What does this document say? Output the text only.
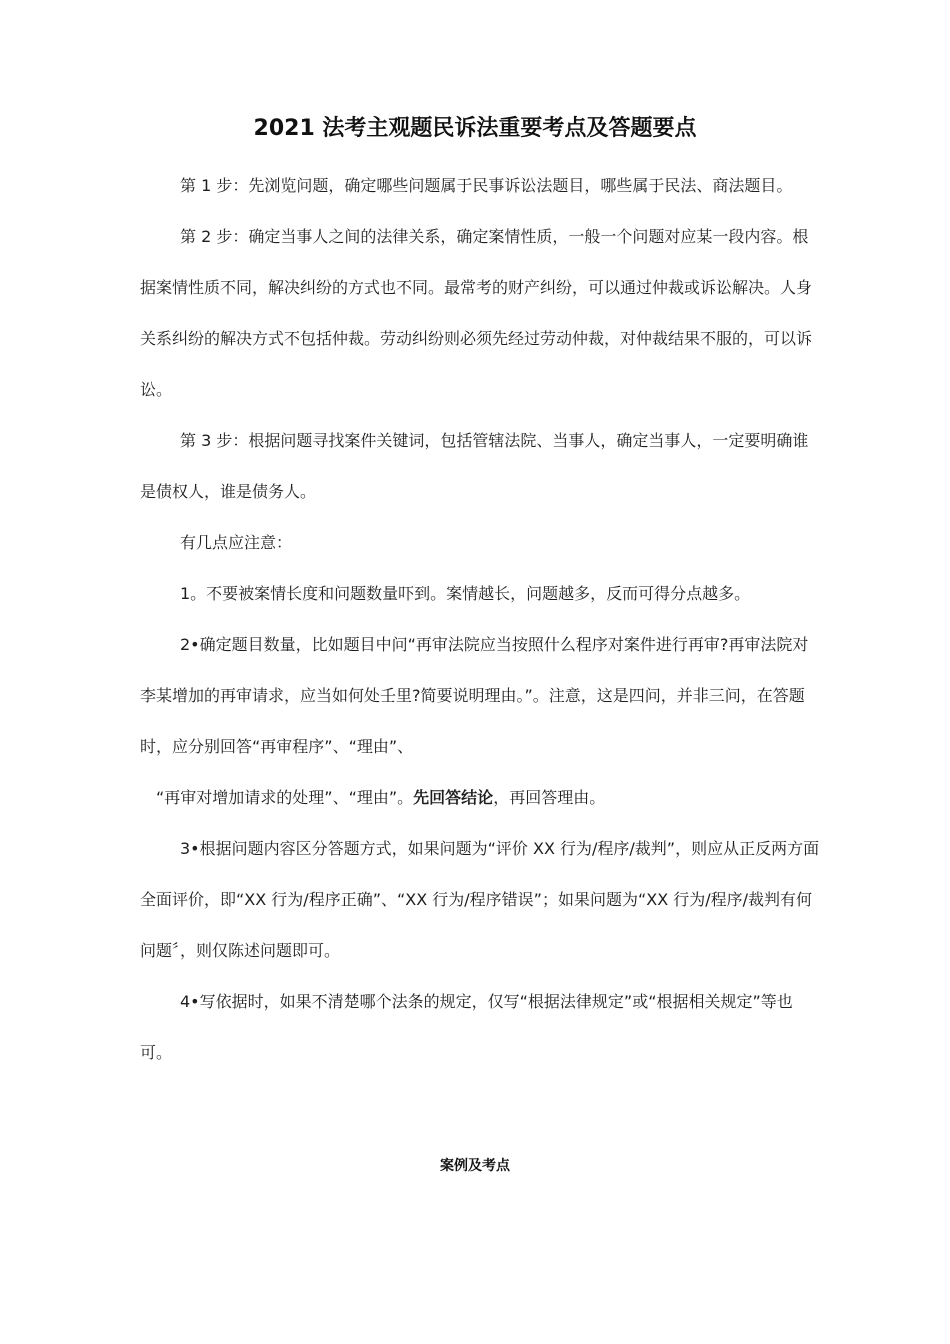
2021 法考主观题民诉法重要考点及答题要点

第 1 步：先浏览问题，确定哪些问题属于民事诉讼法题目，哪些属于民法、商法题目。

第 2 步：确定当事人之间的法律关系，确定案情性质，一般一个问题对应某一段内容。根据案情性质不同，解决纠纷的方式也不同。最常考的财产纠纷，可以通过仲裁或诉讼解决。人身关系纠纷的解决方式不包括仲裁。劳动纠纷则必须先经过劳动仲裁，对仲裁结果不服的，可以诉讼。

第 3 步：根据问题寻找案件关键词，包括管辖法院、当事人，确定当事人，一定要明确谁是债权人，谁是债务人。

有几点应注意：

1。不要被案情长度和问题数量吓到。案情越长，问题越多，反而可得分点越多。

2•确定题目数量，比如题目中问“再审法院应当按照什么程序对案件进行再审?再审法院对李某增加的再审请求，应当如何处壬里?简要说明理由。”。注意，这是四问，并非三问，在答题时，应分别回答“再审程序”、“理由”、

“再审对增加请求的处理”、“理由”。先回答结论，再回答理由。

3•根据问题内容区分答题方式，如果问题为“评价 XX 行为/程序/裁判”，则应从正反两方面全面评价，即“XX 行为/程序正确”、“XX 行为/程序错误”；如果问题为“XX 行为/程序/裁判有何问题〞，则仅陈述问题即可。

4•写依据时，如果不清楚哪个法条的规定，仅写“根据法律规定”或“根据相关规定”等也可。

案例及考点
